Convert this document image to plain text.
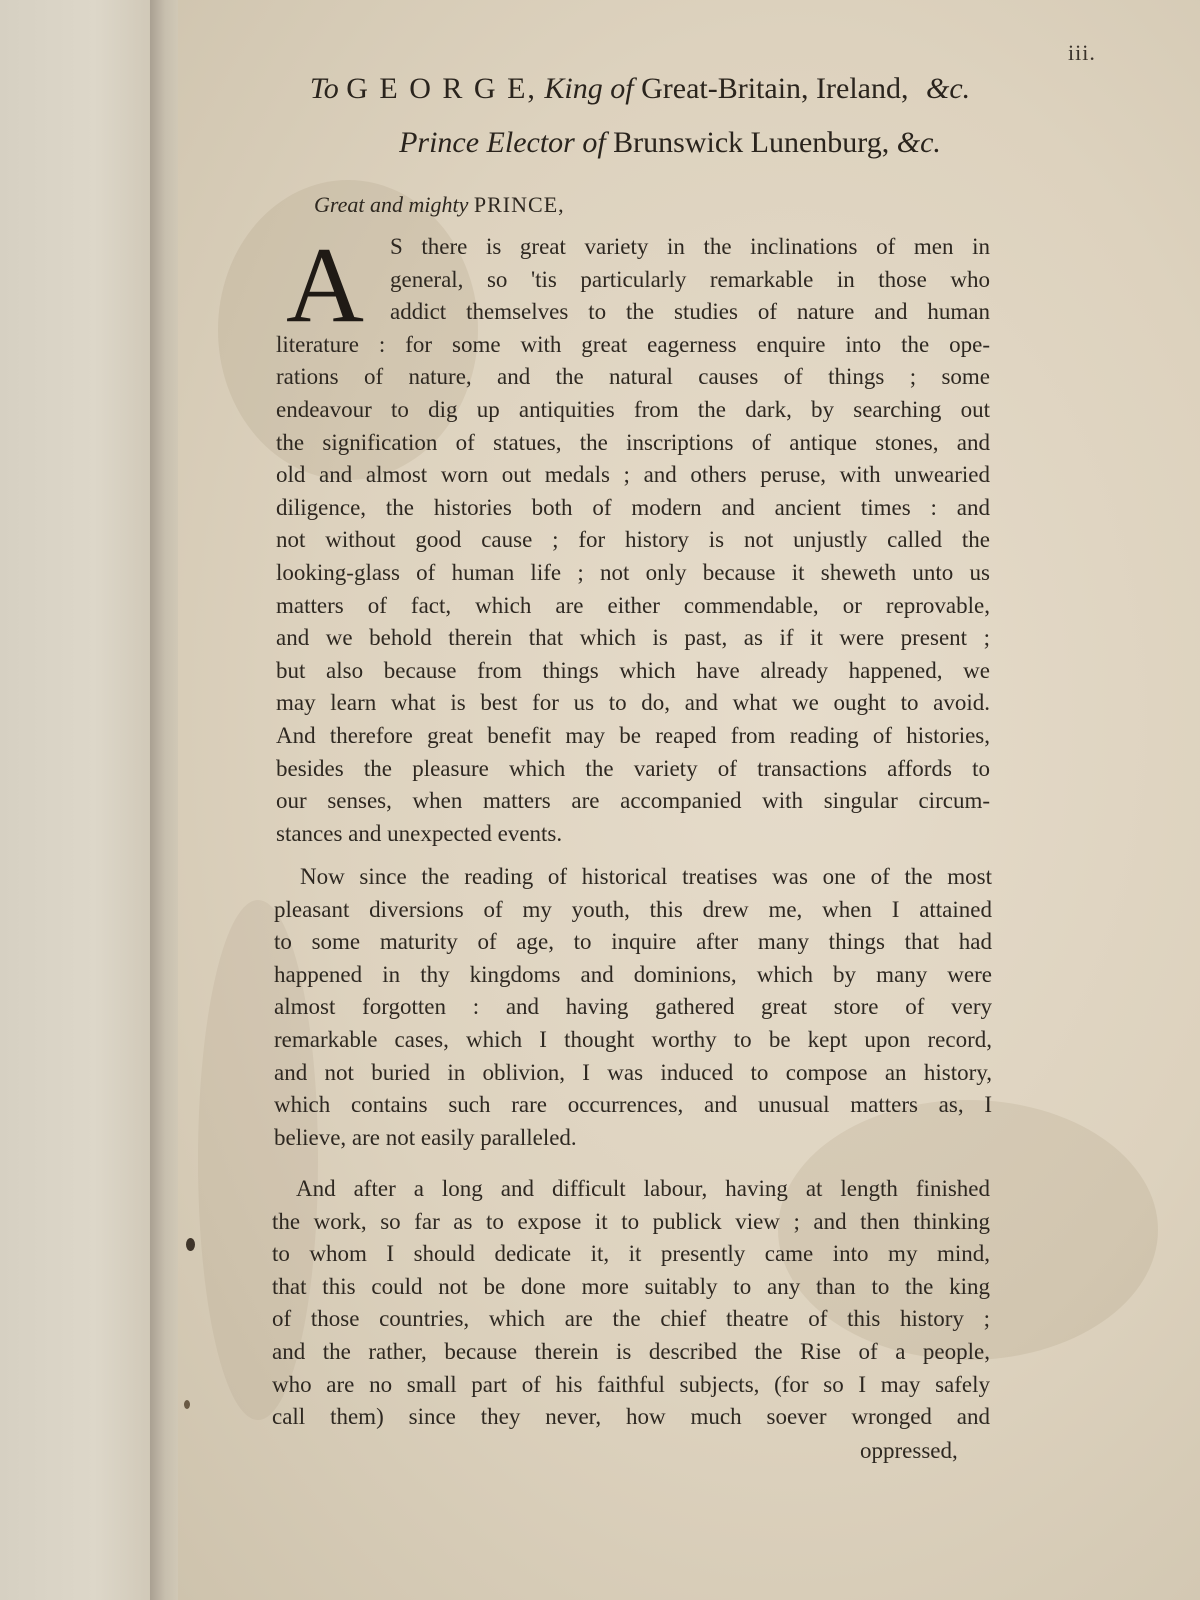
iii.
To G E O R G E, King of Great-Britain, Ireland, &c.
Prince Elector of Brunswick Lunenburg, &c.
Great and mighty PRINCE,
A S there is great variety in the inclinations of men in
general, so 'tis particularly remarkable in those who
addict themselves to the studies of nature and human
literature : for some with great eagerness enquire into the ope-
rations of nature, and the natural causes of things ; some
endeavour to dig up antiquities from the dark, by searching out
the signification of statues, the inscriptions of antique stones, and
old and almost worn out medals ; and others peruse, with unwearied
diligence, the histories both of modern and ancient times : and
not without good cause ; for history is not unjustly called the
looking-glass of human life ; not only because it sheweth unto us
matters of fact, which are either commendable, or reprovable,
and we behold therein that which is past, as if it were present ;
but also because from things which have already happened, we
may learn what is best for us to do, and what we ought to avoid.
And therefore great benefit may be reaped from reading of histories,
besides the pleasure which the variety of transactions affords to
our senses, when matters are accompanied with singular circum-
stances and unexpected events.
Now since the reading of historical treatises was one of the most
pleasant diversions of my youth, this drew me, when I attained
to some maturity of age, to inquire after many things that had
happened in thy kingdoms and dominions, which by many were
almost forgotten : and having gathered great store of very
remarkable cases, which I thought worthy to be kept upon record,
and not buried in oblivion, I was induced to compose an history,
which contains such rare occurrences, and unusual matters as, I
believe, are not easily paralleled.
And after a long and difficult labour, having at length finished
the work, so far as to expose it to publick view ; and then thinking
to whom I should dedicate it, it presently came into my mind,
that this could not be done more suitably to any than to the king
of those countries, which are the chief theatre of this history ;
and the rather, because therein is described the Rise of a people,
who are no small part of his faithful subjects, (for so I may safely
call them) since they never, how much soever wronged and
oppressed,
